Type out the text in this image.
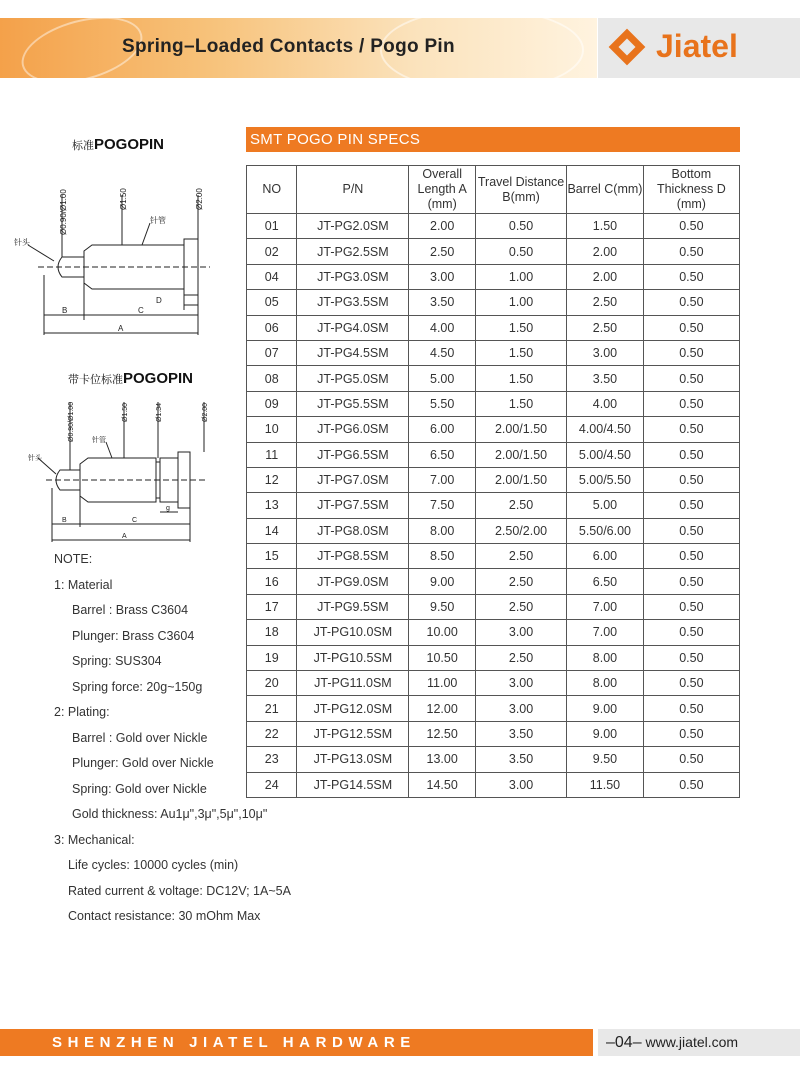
Spring–Loaded Contacts / Pogo Pin	Jiatel
标准POGOPIN
Ø0.90/Ø1.00	Ø1.50	Ø2.00
针头
针管
B	C
D
A
带卡位标准POGOPIN
Ø0.90/Ø1.00	Ø1.50	Ø1.34	Ø2.00
针头
针管
B	C
g
A
NOTE:
1: Material
Barrel : Brass C3604
Plunger: Brass C3604
Spring: SUS304
Spring force: 20g~150g
2: Plating:
Barrel : Gold over Nickle
Plunger: Gold over Nickle
Spring: Gold over Nickle
Gold thickness: Au1μ",3μ",5μ",10μ"
3: Mechanical:
Life cycles: 10000 cycles (min)
Rated current & voltage: DC12V; 1A~5A
Contact resistance: 30 mOhm Max
SMT POGO PIN SPECS
NO	P/N	Overall Length A (mm)	Travel Distance B(mm)	Barrel C(mm)	Bottom Thickness D (mm)
01	JT-PG2.0SM	2.00	0.50	1.50	0.50
02	JT-PG2.5SM	2.50	0.50	2.00	0.50
04	JT-PG3.0SM	3.00	1.00	2.00	0.50
05	JT-PG3.5SM	3.50	1.00	2.50	0.50
06	JT-PG4.0SM	4.00	1.50	2.50	0.50
07	JT-PG4.5SM	4.50	1.50	3.00	0.50
08	JT-PG5.0SM	5.00	1.50	3.50	0.50
09	JT-PG5.5SM	5.50	1.50	4.00	0.50
10	JT-PG6.0SM	6.00	2.00/1.50	4.00/4.50	0.50
11	JT-PG6.5SM	6.50	2.00/1.50	5.00/4.50	0.50
12	JT-PG7.0SM	7.00	2.00/1.50	5.00/5.50	0.50
13	JT-PG7.5SM	7.50	2.50	5.00	0.50
14	JT-PG8.0SM	8.00	2.50/2.00	5.50/6.00	0.50
15	JT-PG8.5SM	8.50	2.50	6.00	0.50
16	JT-PG9.0SM	9.00	2.50	6.50	0.50
17	JT-PG9.5SM	9.50	2.50	7.00	0.50
18	JT-PG10.0SM	10.00	3.00	7.00	0.50
19	JT-PG10.5SM	10.50	2.50	8.00	0.50
20	JT-PG11.0SM	11.00	3.00	8.00	0.50
21	JT-PG12.0SM	12.00	3.00	9.00	0.50
22	JT-PG12.5SM	12.50	3.50	9.00	0.50
23	JT-PG13.0SM	13.00	3.50	9.50	0.50
24	JT-PG14.5SM	14.50	3.00	11.50	0.50
SHENZHEN JIATEL HARDWARE ELECTRONICS
–04– www.jiatel.com
